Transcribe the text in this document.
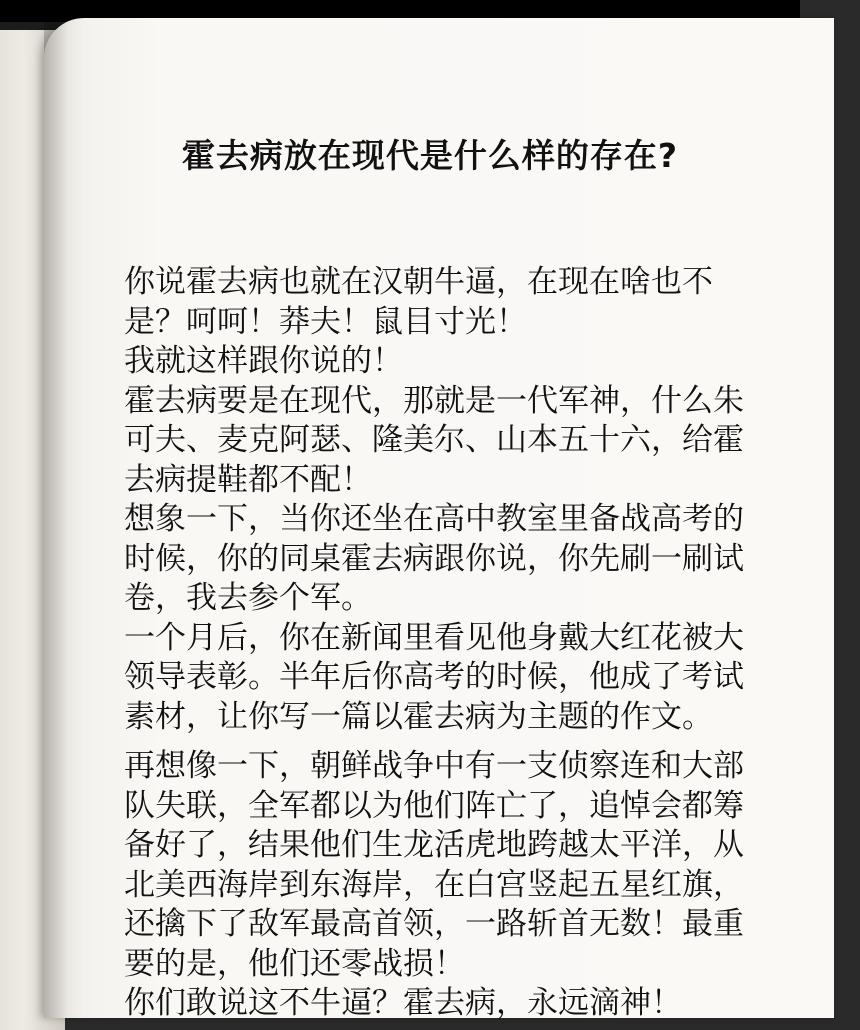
霍去病放在现代是什么样的存在?

你说霍去病也就在汉朝牛逼，在现在啥也不是？呵呵！莽夫！鼠目寸光！

我就这样跟你说的！

霍去病要是在现代，那就是一代军神，什么朱可夫、麦克阿瑟、隆美尔、山本五十六，给霍去病提鞋都不配！

想象一下，当你还坐在高中教室里备战高考的时候，你的同桌霍去病跟你说，你先刷一刷试卷，我去参个军。

一个月后，你在新闻里看见他身戴大红花被大领导表彰。半年后你高考的时候，他成了考试素材，让你写一篇以霍去病为主题的作文。

再想像一下，朝鲜战争中有一支侦察连和大部队失联，全军都以为他们阵亡了，追悼会都筹备好了，结果他们生龙活虎地跨越太平洋，从北美西海岸到东海岸，在白宫竖起五星红旗，还擒下了敌军最高首领，一路斩首无数！最重要的是，他们还零战损！

你们敢说这不牛逼？霍去病，永远滴神！
